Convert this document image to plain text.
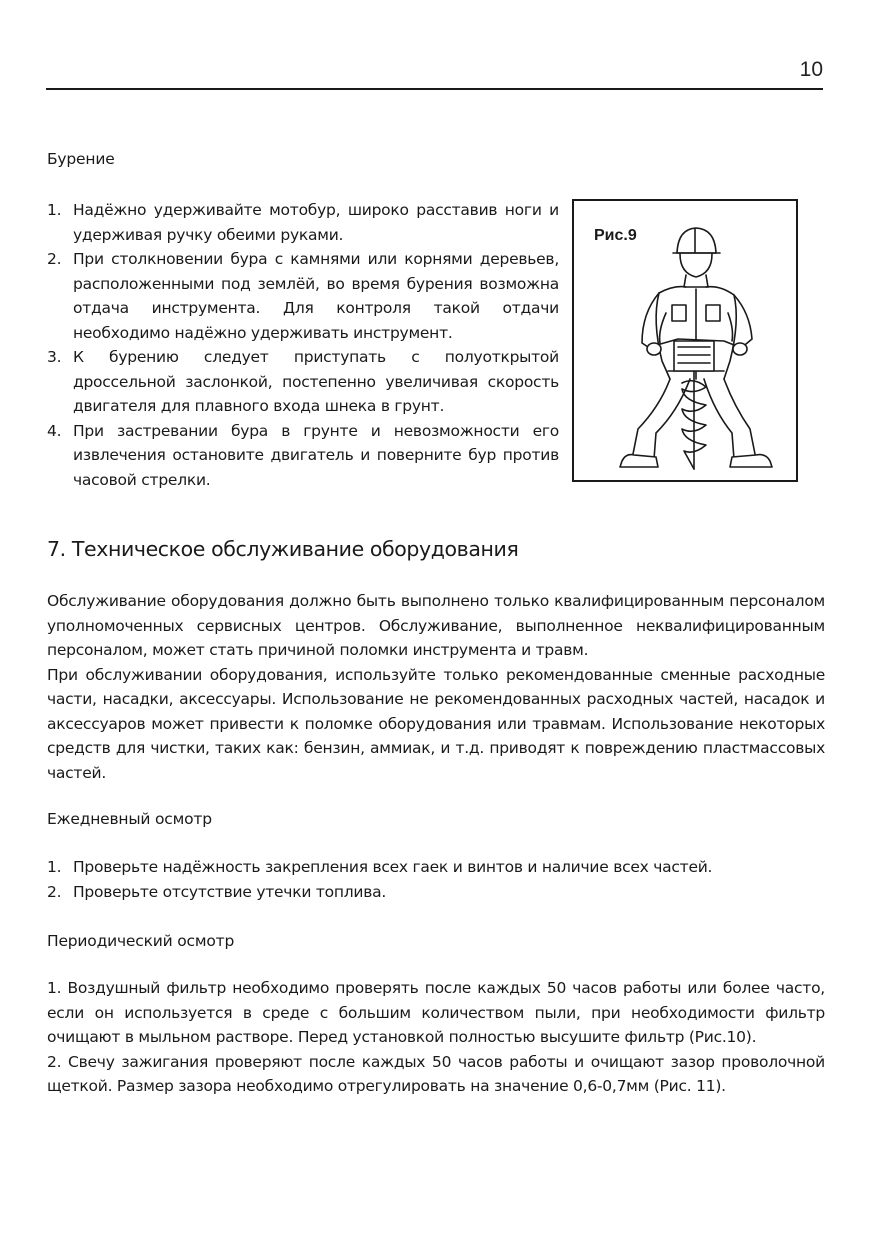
10
Бурение
1. Надёжно удерживайте мотобур, широко расставив ноги и удерживая ручку обеими руками.
2. При столкновении бура с камнями или корнями деревьев, расположенными под землёй, во время бурения возможна отдача инструмента. Для контроля такой отдачи необходимо надёжно удерживать инструмент.
3. К бурению следует приступать с полуоткрытой дроссельной заслонкой, постепенно увеличивая скорость двигателя для плавного входа шнека в грунт.
4. При застревании бура в грунте и невозможности его извлечения остановите двигатель и поверните бур против часовой стрелки.
Рис.9
7. Техническое обслуживание оборудования
Обслуживание оборудования должно быть выполнено только квалифицированным персоналом уполномоченных сервисных центров. Обслуживание, выполненное неквалифицированным персоналом, может стать причиной поломки инструмента и травм.
При обслуживании оборудования, используйте только рекомендованные сменные расходные части, насадки, аксессуары. Использование не рекомендованных расходных частей, насадок и аксессуаров может привести к поломке оборудования или травмам. Использование некоторых средств для чистки, таких как: бензин, аммиак, и т.д. приводят к повреждению пластмассовых частей.
Ежедневный осмотр
1. Проверьте надёжность закрепления всех гаек и винтов и наличие всех частей.
2. Проверьте отсутствие утечки топлива.
Периодический осмотр
1. Воздушный фильтр необходимо проверять после каждых 50 часов работы или более часто, если он используется в среде с большим количеством пыли, при необходимости фильтр очищают в мыльном растворе. Перед установкой полностью высушите фильтр (Рис.10).
2. Свечу зажигания проверяют после каждых 50 часов работы и очищают зазор проволочной щеткой. Размер зазора необходимо отрегулировать на значение 0,6-0,7мм (Рис. 11).
